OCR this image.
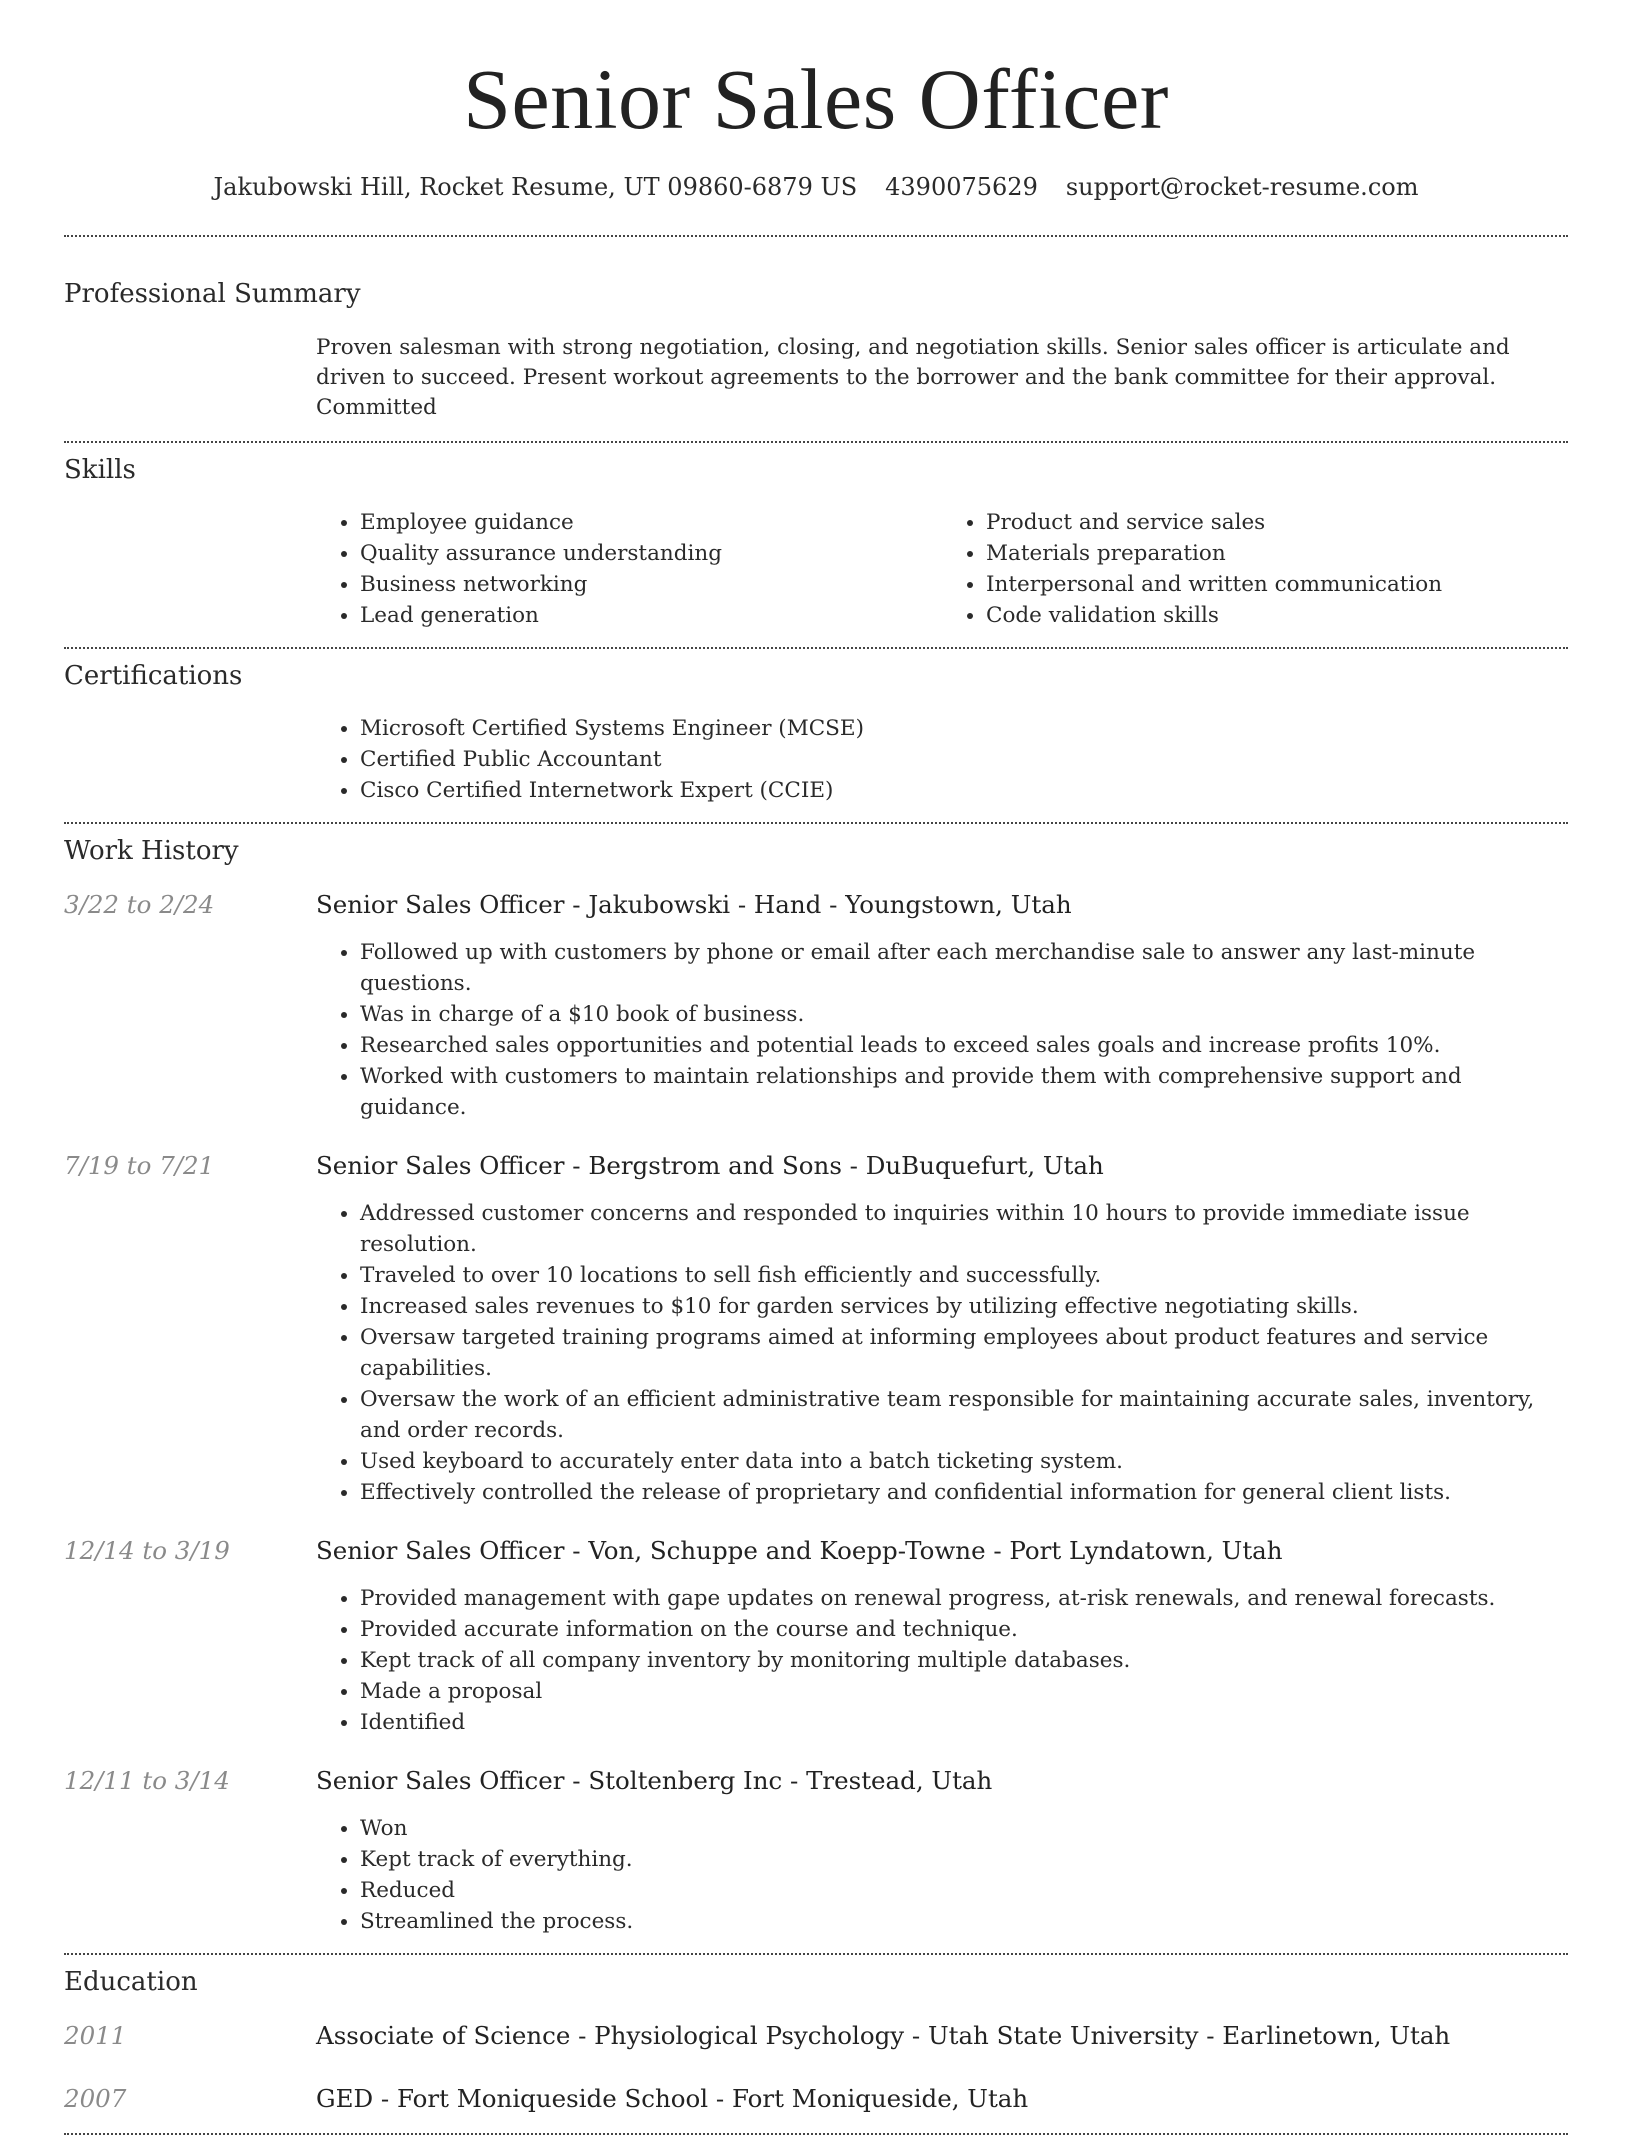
Senior Sales Officer
Jakubowski Hill, Rocket Resume, UT 09860-6879 US 4390075629 support@rocket-resume.com
Professional Summary

Proven salesman with strong negotiation, closing, and negotiation skills. Senior sales officer is articulate and driven to succeed. Present workout agreements to the borrower and the bank committee for their approval. Committed

Skills
• Employee guidance
• Quality assurance understanding
• Business networking
• Lead generation
• Product and service sales
• Materials preparation
• Interpersonal and written communication
• Code validation skills
Certifications
• Microsoft Certified Systems Engineer (MCSE)
• Certified Public Accountant
• Cisco Certified Internetwork Expert (CCIE)
Work History
3/22 to 2/24	Senior Sales Officer - Jakubowski - Hand - Youngstown, Utah
• Followed up with customers by phone or email after each merchandise sale to answer any last-minute questions.
• Was in charge of a $10 book of business.
• Researched sales opportunities and potential leads to exceed sales goals and increase profits 10%.
• Worked with customers to maintain relationships and provide them with comprehensive support and guidance.
7/19 to 7/21	Senior Sales Officer - Bergstrom and Sons - DuBuquefurt, Utah
• Addressed customer concerns and responded to inquiries within 10 hours to provide immediate issue resolution.
• Traveled to over 10 locations to sell fish efficiently and successfully.
• Increased sales revenues to $10 for garden services by utilizing effective negotiating skills.
• Oversaw targeted training programs aimed at informing employees about product features and service capabilities.
• Oversaw the work of an efficient administrative team responsible for maintaining accurate sales, inventory, and order records.
• Used keyboard to accurately enter data into a batch ticketing system.
• Effectively controlled the release of proprietary and confidential information for general client lists.
12/14 to 3/19	Senior Sales Officer - Von, Schuppe and Koepp-Towne - Port Lyndatown, Utah
• Provided management with gape updates on renewal progress, at-risk renewals, and renewal forecasts.
• Provided accurate information on the course and technique.
• Kept track of all company inventory by monitoring multiple databases.
• Made a proposal
• Identified
12/11 to 3/14	Senior Sales Officer - Stoltenberg Inc - Trestead, Utah
• Won
• Kept track of everything.
• Reduced
• Streamlined the process.
Education
2011	Associate of Science - Physiological Psychology - Utah State University - Earlinetown, Utah
2007	GED - Fort Moniqueside School - Fort Moniqueside, Utah
